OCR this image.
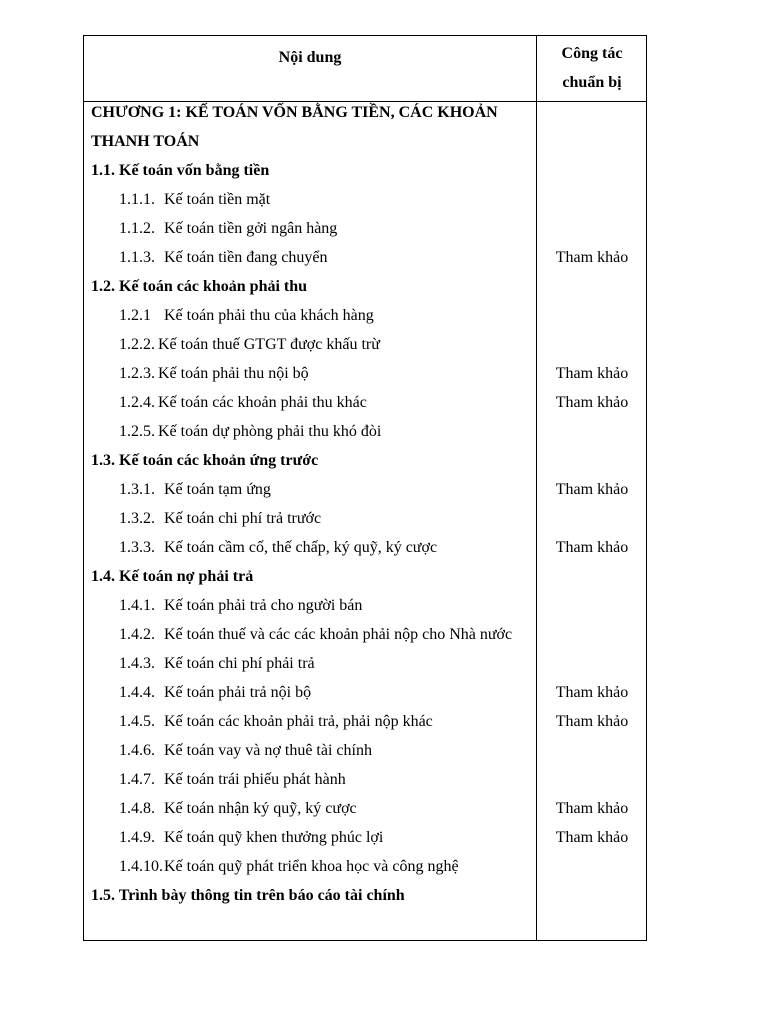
Nội dung	Công tác
chuẩn bị
CHƯƠNG 1: KẾ TOÁN VỐN BẰNG TIỀN, CÁC KHOẢN
THANH TOÁN
1.1. Kế toán vốn bằng tiền
1.1.1. Kế toán tiền mặt
1.1.2. Kế toán tiền gởi ngân hàng
1.1.3. Kế toán tiền đang chuyển	Tham khảo
1.2. Kế toán các khoản phải thu
1.2.1 Kế toán phải thu của khách hàng
1.2.2. Kế toán thuế GTGT được khấu trừ
1.2.3. Kế toán phải thu nội bộ	Tham khảo
1.2.4. Kế toán các khoản phải thu khác	Tham khảo
1.2.5. Kế toán dự phòng phải thu khó đòi
1.3. Kế toán các khoản ứng trước
1.3.1. Kế toán tạm ứng	Tham khảo
1.3.2. Kế toán chi phí trả trước
1.3.3. Kế toán cầm cố, thế chấp, ký quỹ, ký cược	Tham khảo
1.4. Kế toán nợ phải trả
1.4.1. Kế toán phải trả cho người bán
1.4.2. Kế toán thuế và các các khoản phải nộp cho Nhà nước
1.4.3. Kế toán chi phí phải trả
1.4.4. Kế toán phải trả nội bộ	Tham khảo
1.4.5. Kế toán các khoản phải trả, phải nộp khác	Tham khảo
1.4.6. Kế toán vay và nợ thuê tài chính
1.4.7. Kế toán trái phiếu phát hành
1.4.8. Kế toán nhận ký quỹ, ký cược	Tham khảo
1.4.9. Kế toán quỹ khen thưởng phúc lợi	Tham khảo
1.4.10.Kế toán quỹ phát triển khoa học và công nghệ
1.5. Trình bày thông tin trên báo cáo tài chính
